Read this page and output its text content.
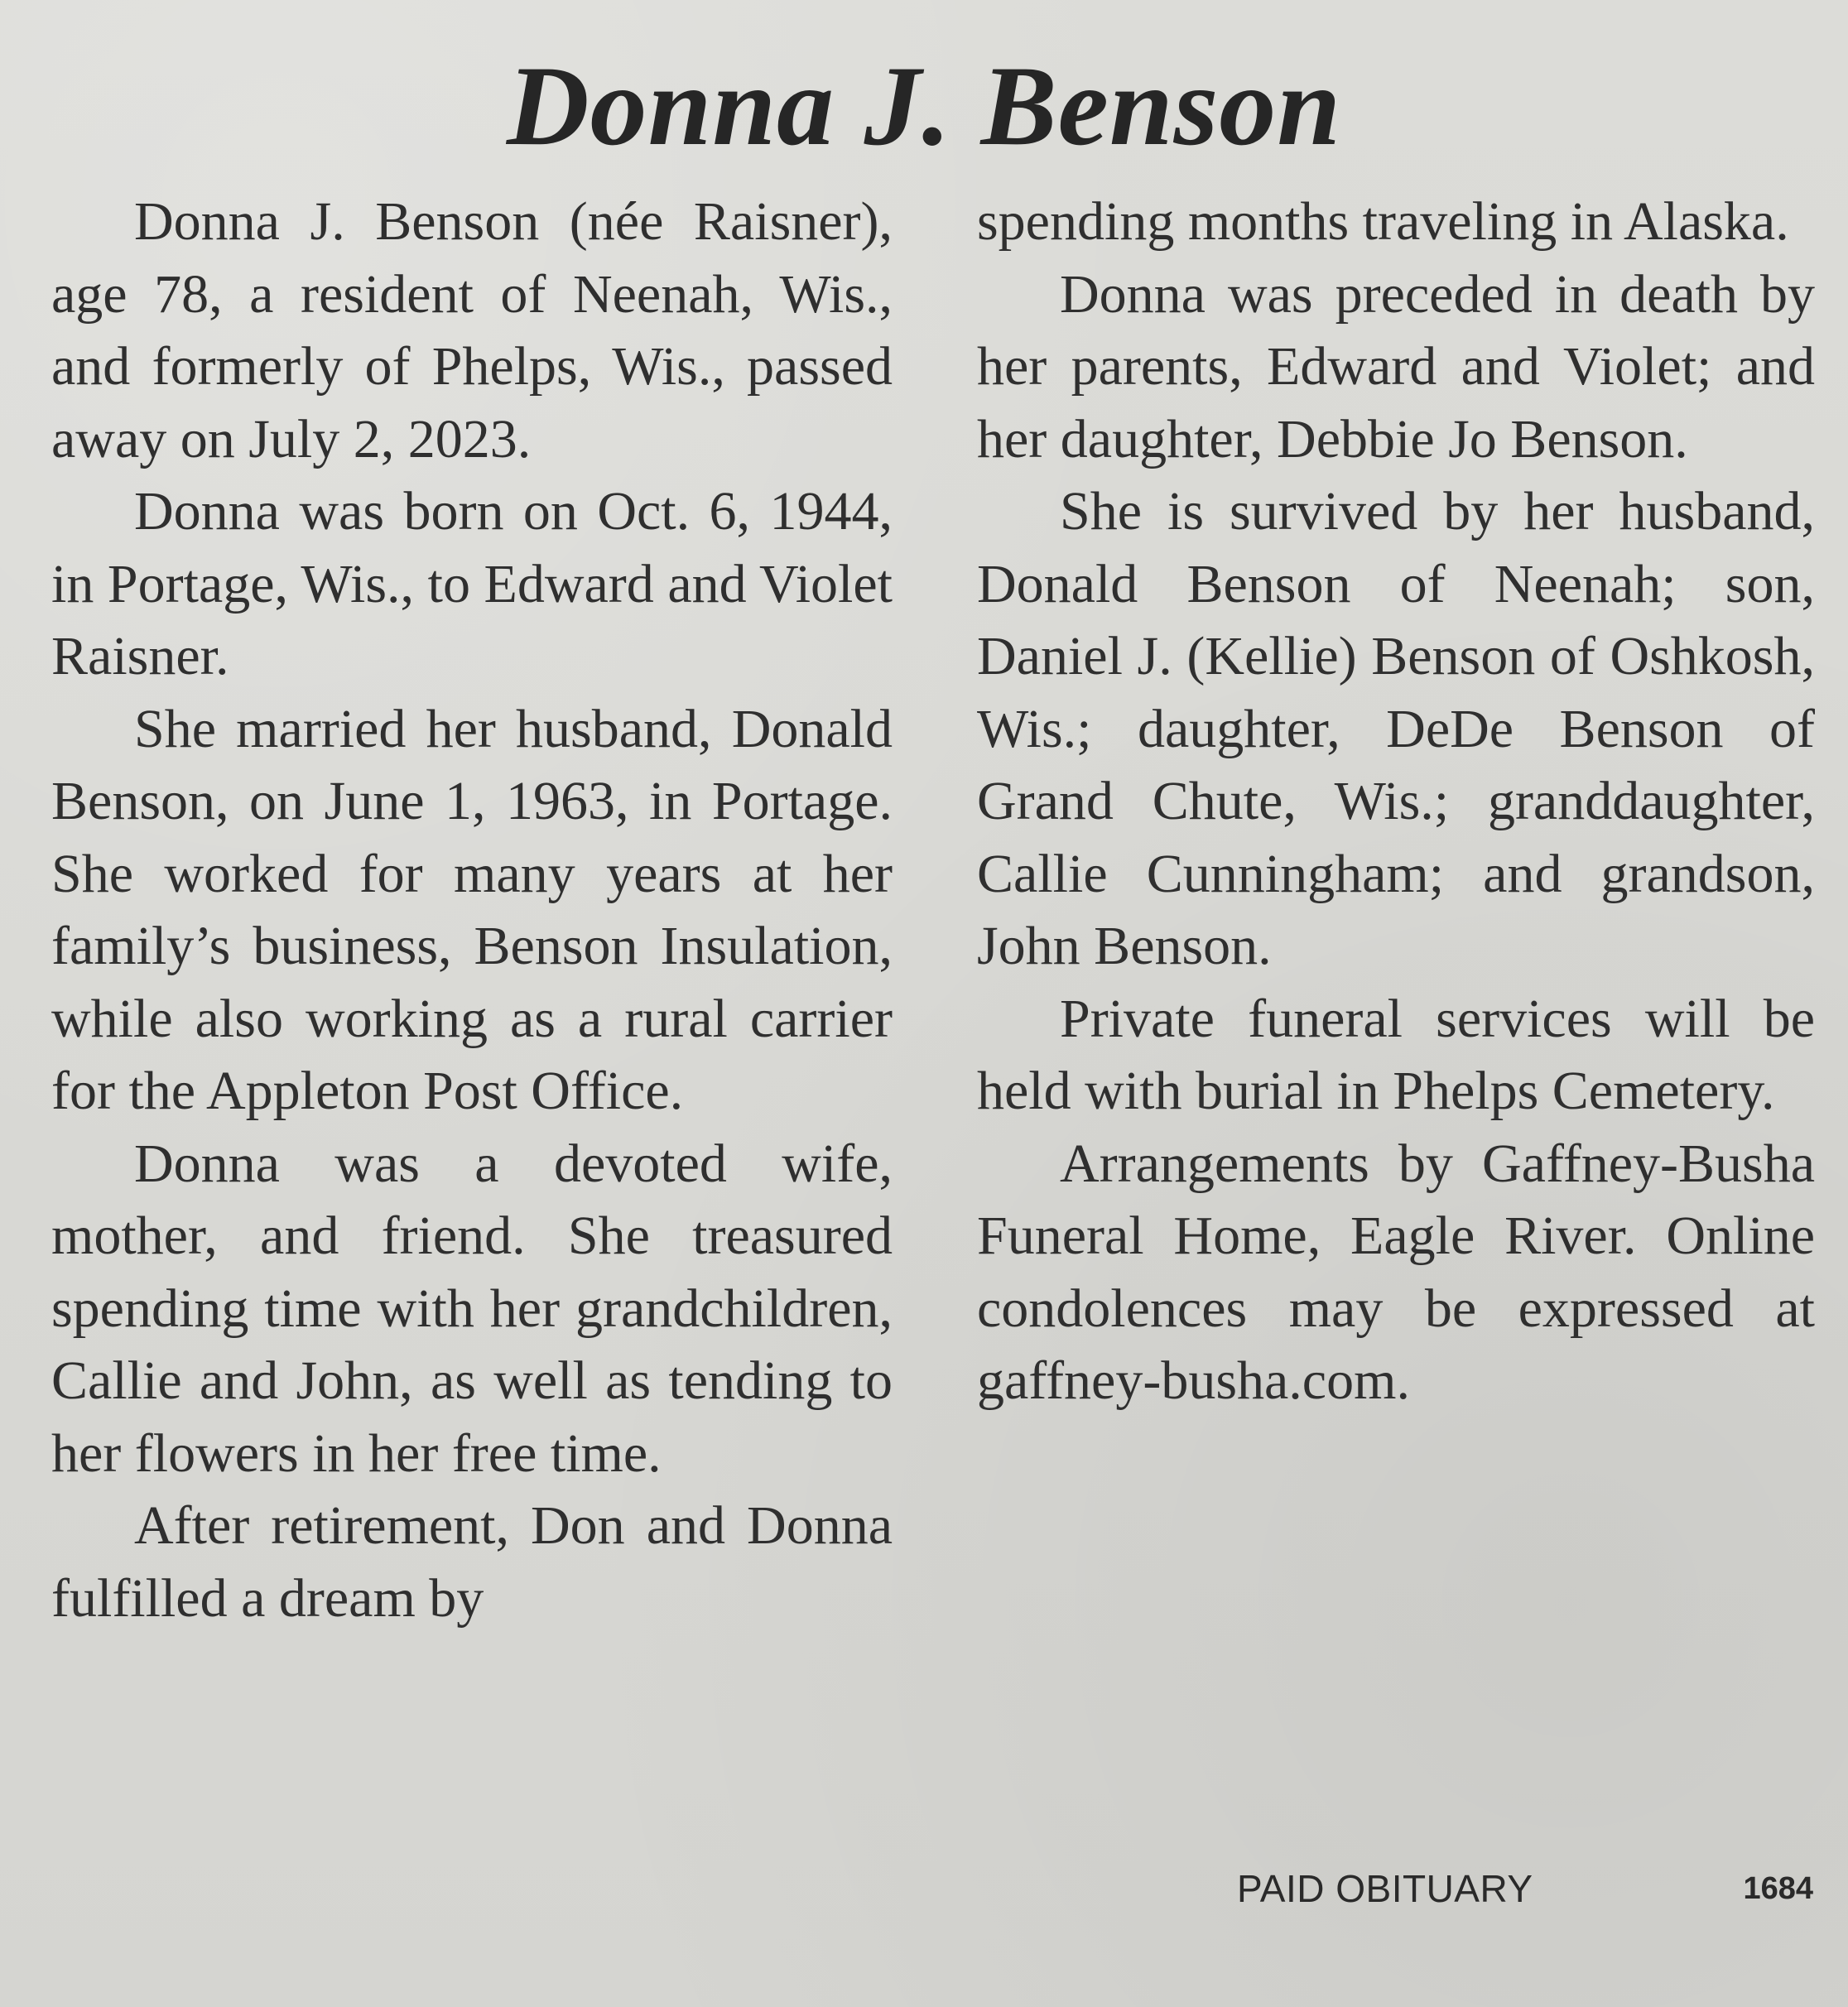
Donna J. Benson

Donna J. Benson (née Raisner), age 78, a resident of Neenah, Wis., and formerly of Phelps, Wis., passed away on July 2, 2023.

Donna was born on Oct. 6, 1944, in Portage, Wis., to Edward and Violet Raisner.

She married her husband, Donald Benson, on June 1, 1963, in Portage. She worked for many years at her family’s business, Benson Insulation, while also working as a rural carrier for the Appleton Post Office.

Donna was a devoted wife, mother, and friend. She treasured spending time with her grandchildren, Callie and John, as well as tending to her flowers in her free time.

After retirement, Don and Donna fulfilled a dream by

spending months traveling in Alaska.

Donna was preceded in death by her parents, Edward and Violet; and her daughter, Debbie Jo Benson.

She is survived by her husband, Donald Benson of Neenah; son, Daniel J. (Kellie) Benson of Oshkosh, Wis.; daughter, DeDe Benson of Grand Chute, Wis.; granddaughter, Callie Cunningham; and grandson, John Benson.

Private funeral services will be held with burial in Phelps Cemetery.

Arrangements by Gaffney-Busha Funeral Home, Eagle River. Online condolences may be expressed at gaffney-busha.com.

PAID OBITUARY	1684
